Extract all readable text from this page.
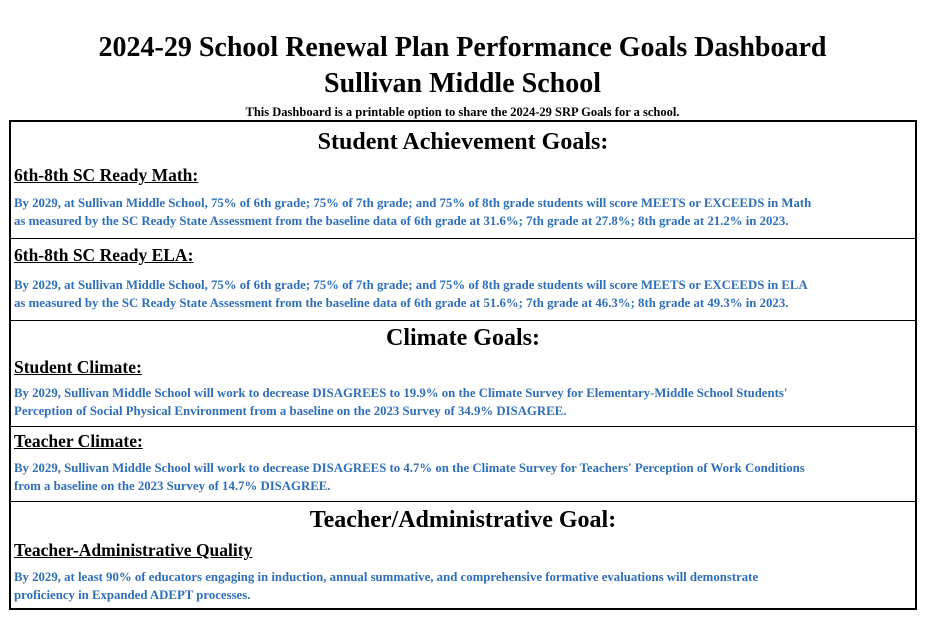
2024-29 School Renewal Plan Performance Goals Dashboard
Sullivan Middle School
This Dashboard is a printable option to share the 2024-29 SRP Goals for a school.
Student Achievement Goals:
6th-8th SC Ready Math:
By 2029, at Sullivan Middle School, 75% of 6th grade; 75% of 7th grade; and 75% of 8th grade students will score MEETS or EXCEEDS in Math
as measured by the SC Ready State Assessment from the baseline data of 6th grade at 31.6%; 7th grade at 27.8%; 8th grade at 21.2% in 2023.
6th-8th SC Ready ELA:
By 2029, at Sullivan Middle School, 75% of 6th grade; 75% of 7th grade; and 75% of 8th grade students will score MEETS or EXCEEDS in ELA
as measured by the SC Ready State Assessment from the baseline data of 6th grade at 51.6%; 7th grade at 46.3%; 8th grade at 49.3% in 2023.
Climate Goals:
Student Climate:
By 2029, Sullivan Middle School will work to decrease DISAGREES to 19.9% on the Climate Survey for Elementary-Middle School Students'
Perception of Social Physical Environment from a baseline on the 2023 Survey of 34.9% DISAGREE.
Teacher Climate:
By 2029, Sullivan Middle School will work to decrease DISAGREES to 4.7% on the Climate Survey for Teachers' Perception of Work Conditions
from a baseline on the 2023 Survey of 14.7% DISAGREE.
Teacher/Administrative Goal:
Teacher-Administrative Quality
By 2029, at least 90% of educators engaging in induction, annual summative, and comprehensive formative evaluations will demonstrate
proficiency in Expanded ADEPT processes.
